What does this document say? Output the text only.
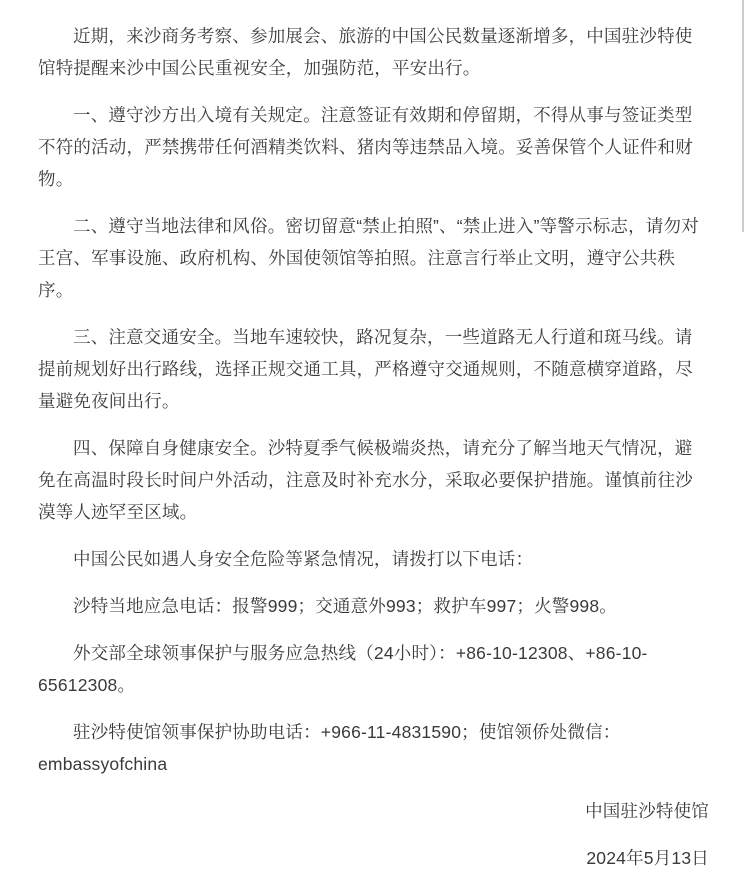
近期，来沙商务考察、参加展会、旅游的中国公民数量逐渐增多，中国驻沙特使馆特提醒来沙中国公民重视安全，加强防范，平安出行。

一、遵守沙方出入境有关规定。注意签证有效期和停留期，不得从事与签证类型不符的活动，严禁携带任何酒精类饮料、猪肉等违禁品入境。妥善保管个人证件和财物。

二、遵守当地法律和风俗。密切留意“禁止拍照”、“禁止进入”等警示标志，请勿对王宫、军事设施、政府机构、外国使领馆等拍照。注意言行举止文明，遵守公共秩序。

三、注意交通安全。当地车速较快，路况复杂，一些道路无人行道和斑马线。请提前规划好出行路线，选择正规交通工具，严格遵守交通规则，不随意横穿道路，尽量避免夜间出行。

四、保障自身健康安全。沙特夏季气候极端炎热，请充分了解当地天气情况，避免在高温时段长时间户外活动，注意及时补充水分，采取必要保护措施。谨慎前往沙漠等人迹罕至区域。

中国公民如遇人身安全危险等紧急情况，请拨打以下电话：

沙特当地应急电话：报警999；交通意外993；救护车997；火警998。

外交部全球领事保护与服务应急热线（24小时）：+86-10-12308、+86-10-65612308。

驻沙特使馆领事保护协助电话：+966-11-4831590；使馆领侨处微信：embassyofchina

中国驻沙特使馆

2024年5月13日
